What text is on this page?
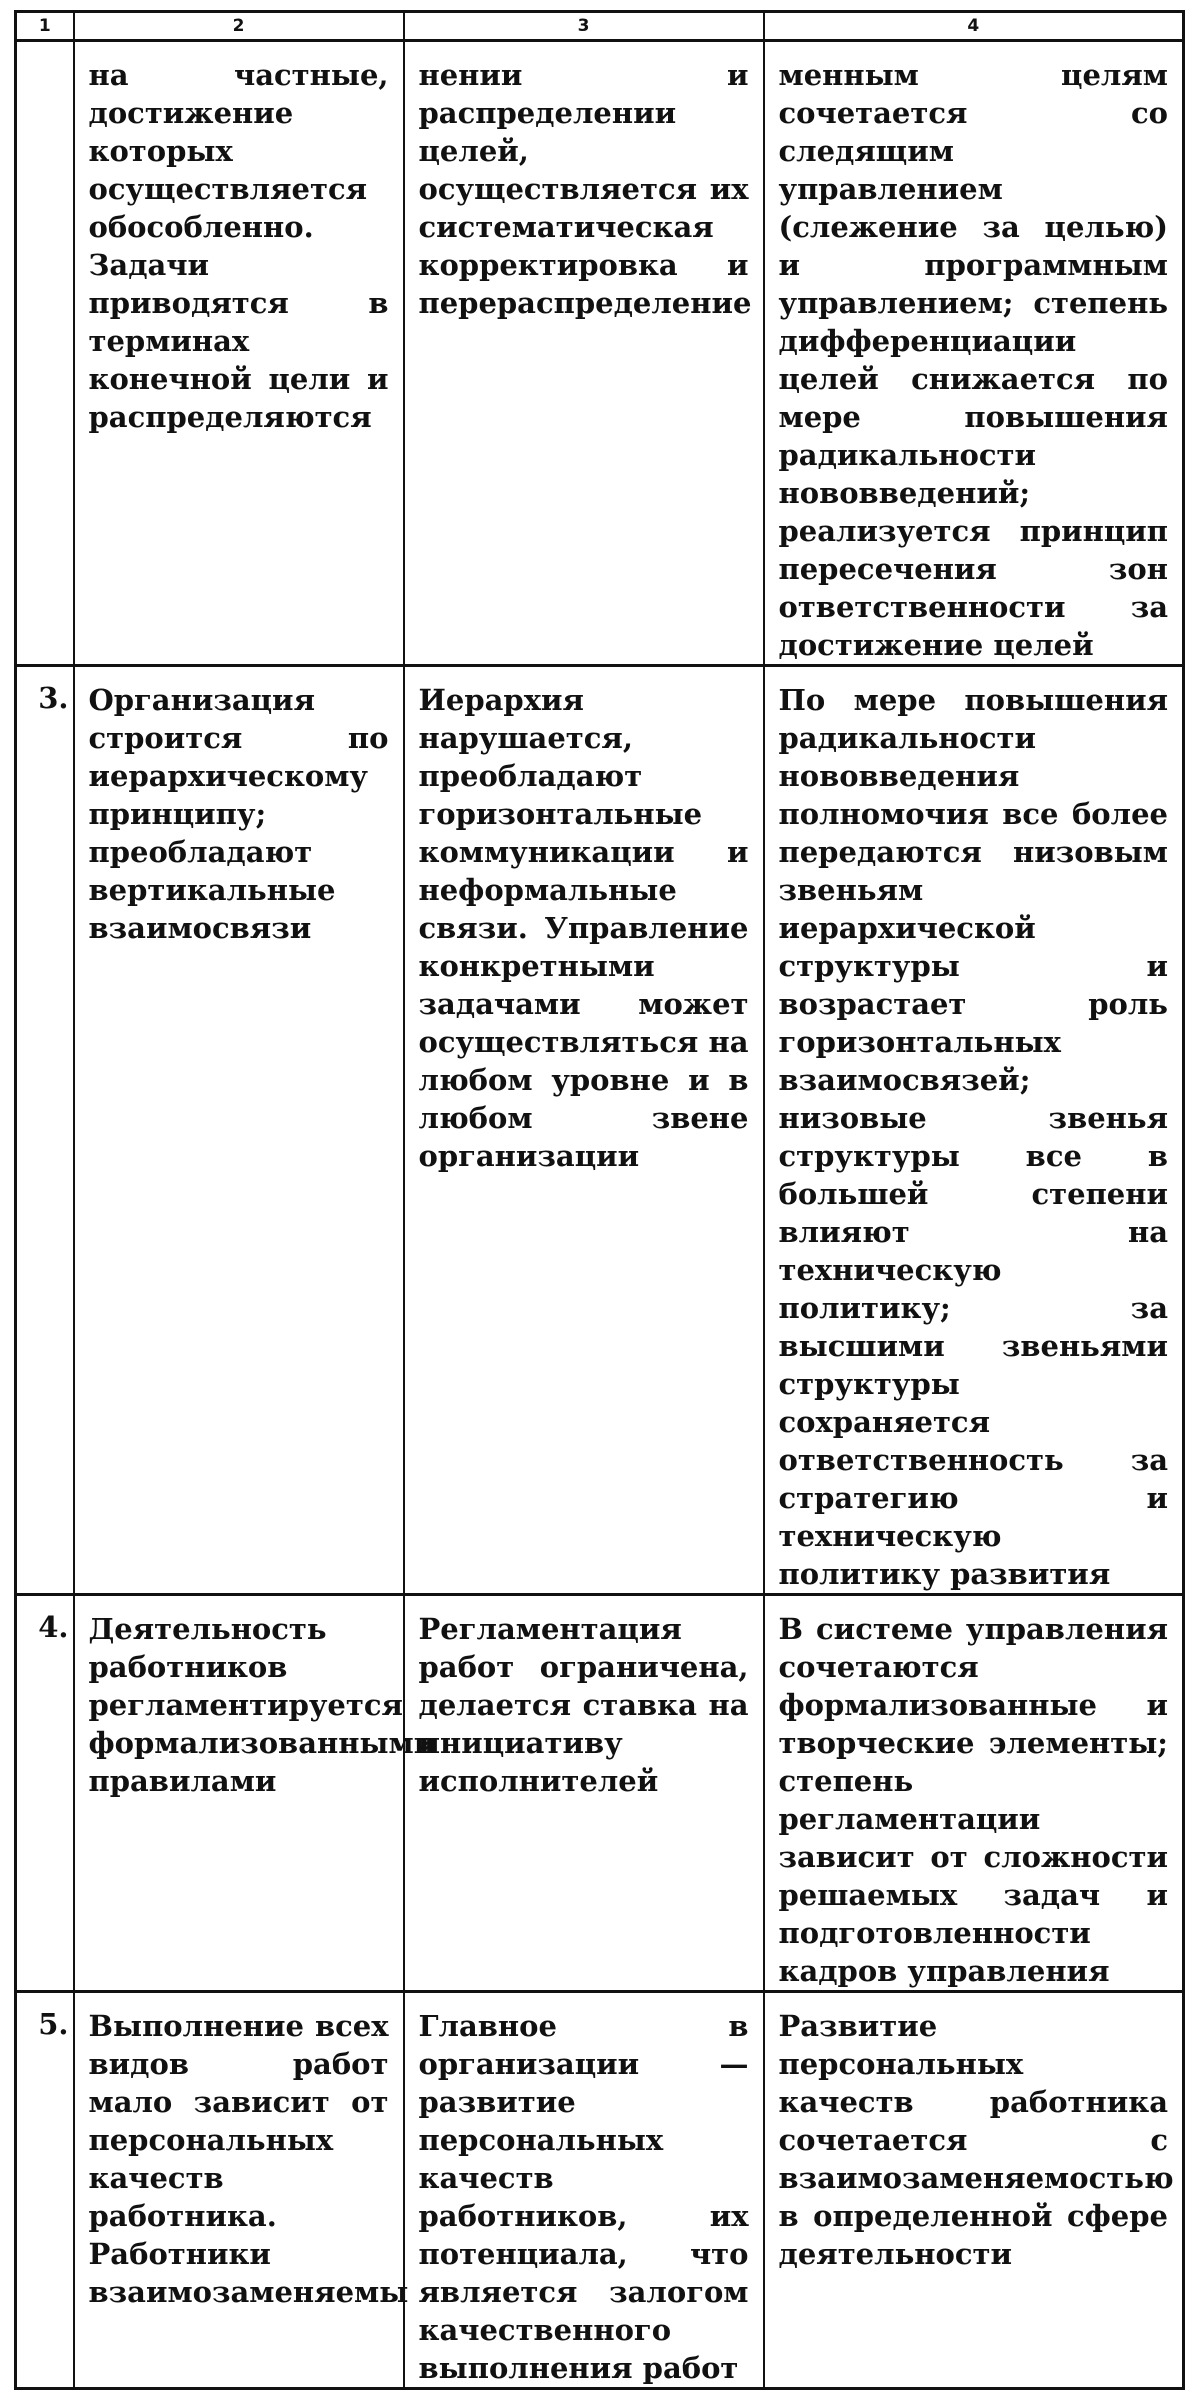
1	2	3	4
	на частные, достижение которых осуществляется обособленно. Задачи приводятся в терминах конечной цели и распределяются	нении и распределении целей, осуществляется их систематическая корректировка и перераспределение	менным целям сочетается со следящим управлением (слежение за целью) и программным управлением; степень дифференциации целей снижается по мере повышения радикальности нововведений; реализуется принцип пересечения зон ответственности за достижение целей
3.	Организация строится по иерархическому принципу; преобладают вертикальные взаимосвязи	Иерархия нарушается, преобладают горизонтальные коммуникации и неформальные связи. Управление конкретными задачами может осуществляться на любом уровне и в любом звене организации	По мере повышения радикальности нововведения полномочия все более передаются низовым звеньям иерархической структуры и возрастает роль горизонтальных взаимосвязей; низовые звенья структуры все в большей степени влияют на техническую политику; за высшими звеньями структуры сохраняется ответственность за стратегию и техническую политику развития
4.	Деятельность работников регламентируется формализованными правилами	Регламентация работ ограничена, делается ставка на инициативу исполнителей	В системе управления сочетаются формализованные и творческие элементы; степень регламентации зависит от сложности решаемых задач и подготовленности кадров управления
5.	Выполнение всех видов работ мало зависит от персональных качеств работника. Работники взаимозаменяемы	Главное в организации — развитие персональных качеств работников, их потенциала, что является залогом качественного выполнения работ	Развитие персональных качеств работника сочетается с взаимозаменяемостью в определенной сфере деятельности
